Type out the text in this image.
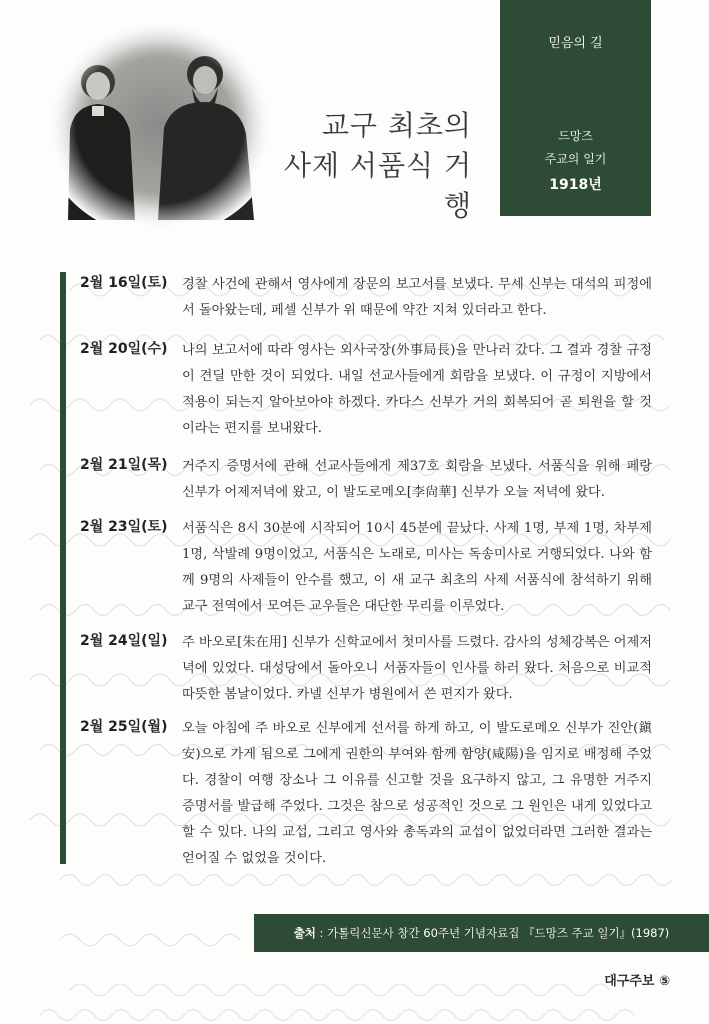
교구 최초의
사제 서품식 거행
믿음의 길
드망즈
주교의 일기
1918년
2월 16일(토) 경찰 사건에 관해서 영사에게 장문의 보고서를 보냈다. 무세 신부는 대석의 피정에서 돌아왔는데, 페셀 신부가 위 때문에 약간 지쳐 있더라고 한다.
2월 20일(수) 나의 보고서에 따라 영사는 외사국장(外事局長)을 만나러 갔다. 그 결과 경찰 규정이 견딜 만한 것이 되었다. 내일 선교사들에게 회람을 보냈다. 이 규정이 지방에서 적용이 되는지 알아보아야 하겠다. 카다스 신부가 거의 회복되어 곧 퇴원을 할 것이라는 편지를 보내왔다.
2월 21일(목) 거주지 증명서에 관해 선교사들에게 제37호 회람을 보냈다. 서품식을 위해 페랑 신부가 어제저녁에 왔고, 이 발도로메오[李尙華] 신부가 오늘 저녁에 왔다.
2월 23일(토) 서품식은 8시 30분에 시작되어 10시 45분에 끝났다. 사제 1명, 부제 1명, 차부제 1명, 삭발례 9명이었고, 서품식은 노래로, 미사는 독송미사로 거행되었다. 나와 함께 9명의 사제들이 안수를 했고, 이 새 교구 최초의 사제 서품식에 참석하기 위해 교구 전역에서 모여든 교우들은 대단한 무리를 이루었다.
2월 24일(일) 주 바오로[朱在用] 신부가 신학교에서 첫미사를 드렸다. 감사의 성체강복은 어제저녁에 있었다. 대성당에서 돌아오니 서품자들이 인사를 하러 왔다. 처음으로 비교적 따뜻한 봄날이었다. 카넬 신부가 병원에서 쓴 편지가 왔다.
2월 25일(월) 오늘 아침에 주 바오로 신부에게 선서를 하게 하고, 이 발도로메오 신부가 진안(鎭安)으로 가게 됨으로 그에게 권한의 부여와 함께 함양(咸陽)을 임지로 배정해 주었다. 경찰이 여행 장소나 그 이유를 신고할 것을 요구하지 않고, 그 유명한 거주지 증명서를 발급해 주었다. 그것은 참으로 성공적인 것으로 그 원인은 내게 있었다고 할 수 있다. 나의 교섭, 그리고 영사와 총독과의 교섭이 없었더라면 그러한 결과는 얻어질 수 없었을 것이다.
출처 : 가톨릭신문사 창간 60주년 기념자료집 『드망즈 주교 일기』(1987)
대구주보 ⑤
